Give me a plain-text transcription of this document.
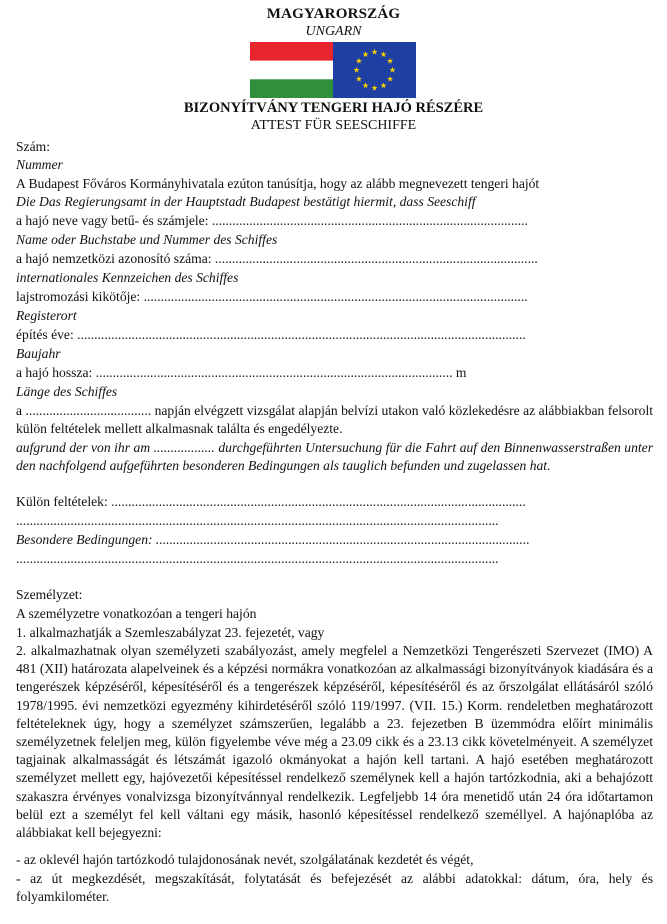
MAGYARORSZÁG
UNGARN
BIZONYÍTVÁNY TENGERI HAJÓ RÉSZÉRE
ATTEST FÜR SEESCHIFFE
Szám:
Nummer
A Budapest Főváros Kormányhivatala ezúton tanúsítja, hogy az alább megnevezett tengeri hajót
Die Das Regierungsamt in der Hauptstadt Budapest bestätigt hiermit, dass Seeschiff
a hajó neve vagy betű- és számjele: .............................................................................................
Name oder Buchstabe und Nummer des Schiffes
a hajó nemzetközi azonosító száma: ...............................................................................................
internationales Kennzeichen des Schiffes
lajstromozási kikötője: .................................................................................................................
Registerort
építés éve: ....................................................................................................................................
Baujahr
a hajó hossza: ......................................................................................................... m
Länge des Schiffes
a ..................................... napján elvégzett vizsgálat alapján belvízi utakon való közlekedésre az alábbiakban felsorolt külön feltételek mellett alkalmasnak találta és engedélyezte.
aufgrund der von ihr am .................. durchgeführten Untersuchung für die Fahrt auf den Binnenwasserstraßen unter den nachfolgend aufgeführten besonderen Bedingungen als tauglich befunden und zugelassen hat.
Külön feltételek: ..........................................................................................................................
..............................................................................................................................................
Besondere Bedingungen: ..............................................................................................................
..............................................................................................................................................
Személyzet:
A személyzetre vonatkozóan a tengeri hajón
1. alkalmazhatják a Szemleszabályzat 23. fejezetét, vagy
2. alkalmazhatnak olyan személyzeti szabályozást, amely megfelel a Nemzetközi Tengerészeti Szervezet (IMO) A 481 (XII) határozata alapelveinek és a képzési normákra vonatkozóan az alkalmassági bizonyítványok kiadására és a tengerészek képzéséről, képesítéséről és a tengerészek képzéséről, képesítéséről és az őrszolgálat ellátásáról szóló 1978/1995. évi nemzetközi egyezmény kihirdetéséről szóló 119/1997. (VII. 15.) Korm. rendeletben meghatározott feltételeknek úgy, hogy a személyzet számszerűen, legalább a 23. fejezetben B üzemmódra előírt minimális személyzetnek feleljen meg, külön figyelembe véve még a 23.09 cikk és a 23.13 cikk követelményeit. A személyzet tagjainak alkalmasságát és létszámát igazoló okmányokat a hajón kell tartani. A hajó esetében meghatározott személyzet mellett egy, hajóvezetői képesítéssel rendelkező személynek kell a hajón tartózkodnia, aki a behajózott szakaszra érvényes vonalvizsga bizonyítvánnyal rendelkezik. Legfeljebb 14 óra menetidő után 24 óra időtartamon belül ezt a személyt fel kell váltani egy másik, hasonló képesítéssel rendelkező személlyel. A hajónaplóba az alábbiakat kell bejegyezni:
- az oklevél hajón tartózkodó tulajdonosának nevét, szolgálatának kezdetét és végét,
- az út megkezdését, megszakítását, folytatását és befejezését az alábbi adatokkal: dátum, óra, hely és folyamkilométer.
